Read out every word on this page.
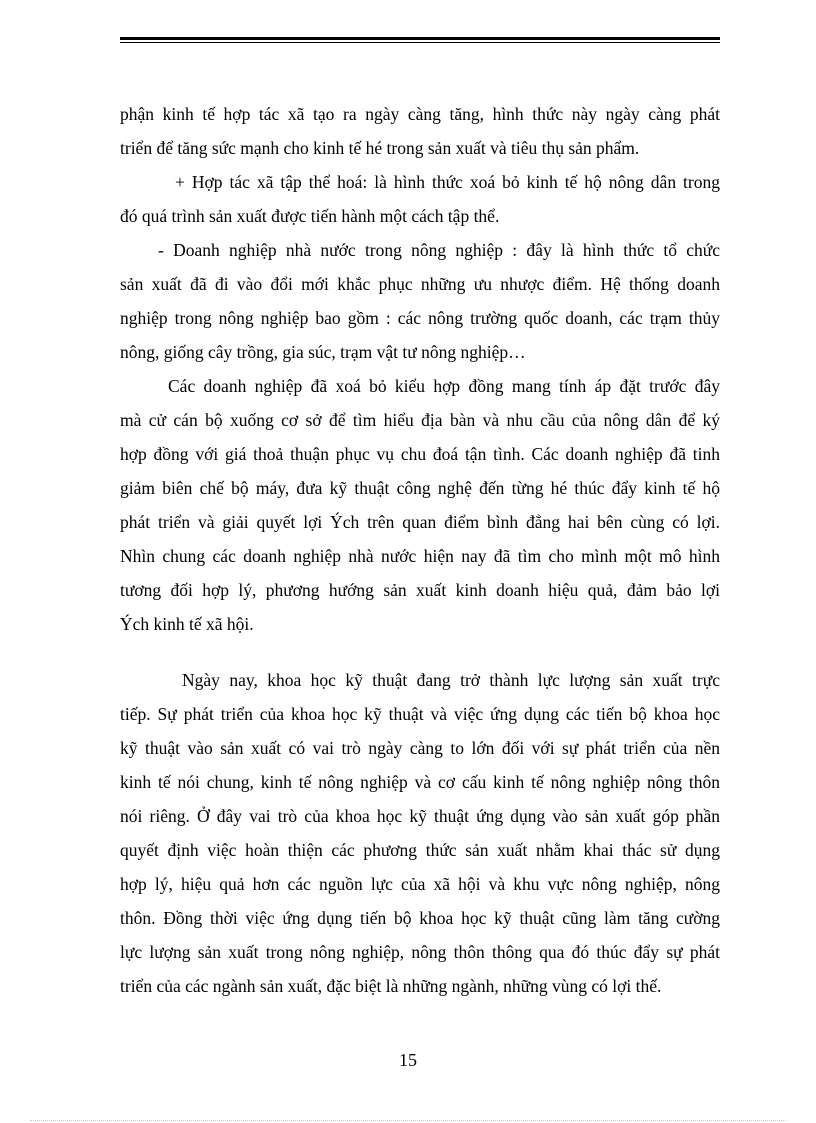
phận kinh tế hợp tác xã tạo ra ngày càng tăng, hình thức này ngày càng phát
triển để tăng sức mạnh cho kinh tế hé trong sản xuất và tiêu thụ sản phẩm.
+ Hợp tác xã tập thể hoá: là hình thức xoá bỏ kinh tế hộ nông dân trong
đó quá trình sản xuất được tiến hành một cách tập thể.
- Doanh nghiệp nhà nước trong nông nghiệp : đây là hình thức tổ chức
sản xuất đã đi vào đổi mới khắc phục những ưu nhược điểm. Hệ thống doanh
nghiệp trong nông nghiệp bao gồm : các nông trường quốc doanh, các trạm thủy
nông, giống cây trồng, gia súc, trạm vật tư nông nghiệp…
Các doanh nghiệp đã xoá bỏ kiểu hợp đồng mang tính áp đặt trước đây
mà cử cán bộ xuống cơ sở để tìm hiểu địa bàn và nhu cầu của nông dân để ký
hợp đồng với giá thoả thuận phục vụ chu đoá tận tình. Các doanh nghiệp đã tinh
giảm biên chế bộ máy, đưa kỹ thuật công nghệ đến từng hé thúc đẩy kinh tế hộ
phát triển và giải quyết lợi Ých trên quan điểm bình đẳng hai bên cùng có lợi.
Nhìn chung các doanh nghiệp nhà nước hiện nay đã tìm cho mình một mô hình
tương đối hợp lý, phương hướng sản xuất kinh doanh hiệu quả, đảm bảo lợi
Ých kinh tế xã hội.
Ngày nay, khoa học kỹ thuật đang trở thành lực lượng sản xuất trực
tiếp. Sự phát triển của khoa học kỹ thuật và việc ứng dụng các tiến bộ khoa học
kỹ thuật vào sản xuất có vai trò ngày càng to lớn đối với sự phát triển của nền
kinh tế nói chung, kinh tế nông nghiệp và cơ cấu kinh tế nông nghiệp nông thôn
nói riêng. Ở đây vai trò của khoa học kỹ thuật ứng dụng vào sản xuất góp phần
quyết định việc hoàn thiện các phương thức sản xuất nhằm khai thác sử dụng
hợp lý, hiệu quả hơn các nguồn lực của xã hội và khu vực nông nghiệp, nông
thôn. Đồng thời việc ứng dụng tiến bộ khoa học kỹ thuật cũng làm tăng cường
lực lượng sản xuất trong nông nghiệp, nông thôn thông qua đó thúc đẩy sự phát
triển của các ngành sản xuất, đặc biệt là những ngành, những vùng có lợi thế.
15
